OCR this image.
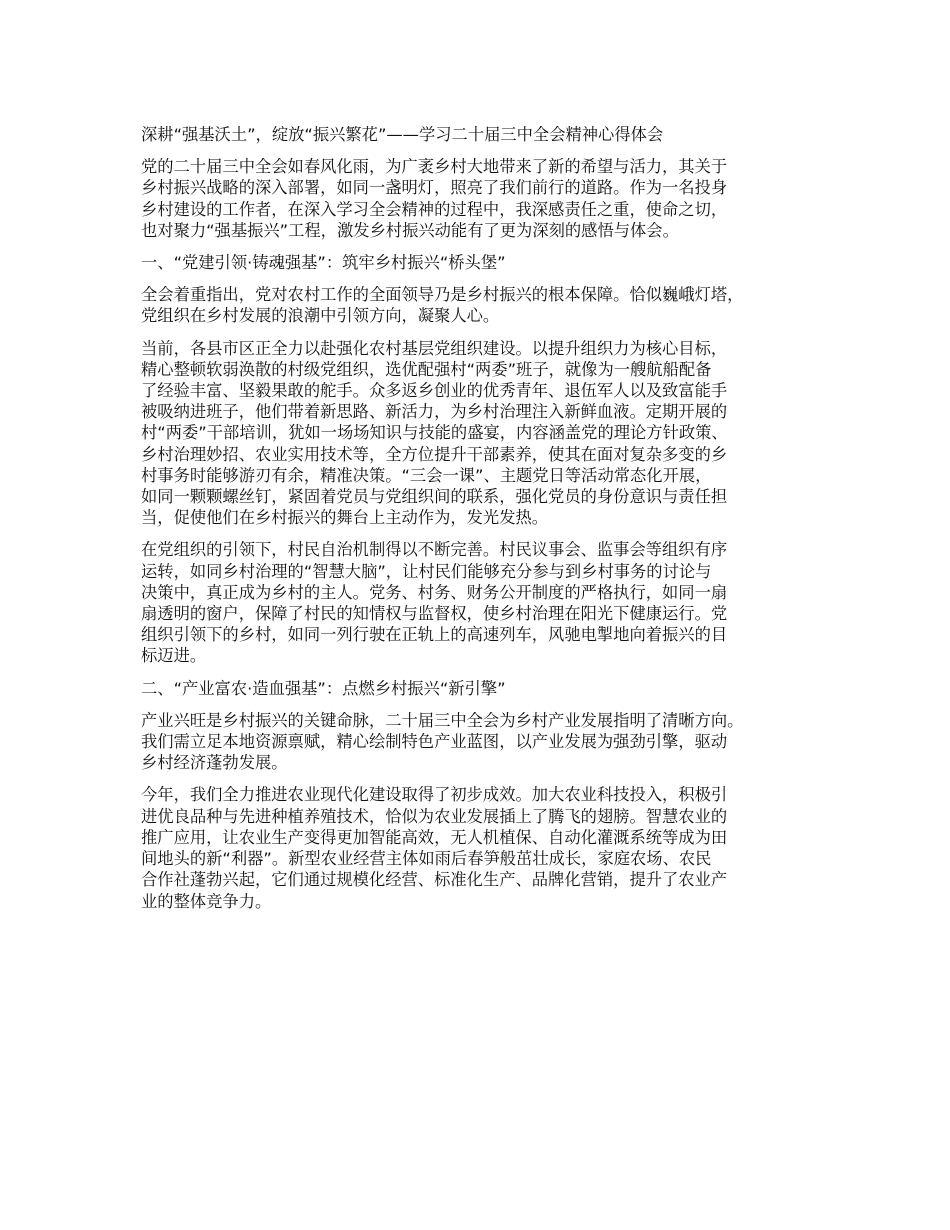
深耕“强基沃土”，绽放“振兴繁花”——学习二十届三中全会精神心得体会
党的二十届三中全会如春风化雨，为广袤乡村大地带来了新的希望与活力，其关于
乡村振兴战略的深入部署，如同一盏明灯，照亮了我们前行的道路。作为一名投身
乡村建设的工作者，在深入学习全会精神的过程中，我深感责任之重，使命之切，
也对聚力“强基振兴”工程，激发乡村振兴动能有了更为深刻的感悟与体会。
一、“党建引领·铸魂强基”：筑牢乡村振兴“桥头堡”
全会着重指出，党对农村工作的全面领导乃是乡村振兴的根本保障。恰似巍峨灯塔，
党组织在乡村发展的浪潮中引领方向，凝聚人心。
当前，各县市区正全力以赴强化农村基层党组织建设。以提升组织力为核心目标，
精心整顿软弱涣散的村级党组织，选优配强村“两委”班子，就像为一艘航船配备
了经验丰富、坚毅果敢的舵手。众多返乡创业的优秀青年、退伍军人以及致富能手
被吸纳进班子，他们带着新思路、新活力，为乡村治理注入新鲜血液。定期开展的
村“两委”干部培训，犹如一场场知识与技能的盛宴，内容涵盖党的理论方针政策、
乡村治理妙招、农业实用技术等，全方位提升干部素养，使其在面对复杂多变的乡
村事务时能够游刃有余，精准决策。“三会一课”、主题党日等活动常态化开展，
如同一颗颗螺丝钉，紧固着党员与党组织间的联系，强化党员的身份意识与责任担
当，促使他们在乡村振兴的舞台上主动作为，发光发热。
在党组织的引领下，村民自治机制得以不断完善。村民议事会、监事会等组织有序
运转，如同乡村治理的“智慧大脑”，让村民们能够充分参与到乡村事务的讨论与
决策中，真正成为乡村的主人。党务、村务、财务公开制度的严格执行，如同一扇
扇透明的窗户，保障了村民的知情权与监督权，使乡村治理在阳光下健康运行。党
组织引领下的乡村，如同一列行驶在正轨上的高速列车，风驰电掣地向着振兴的目
标迈进。
二、“产业富农·造血强基”：点燃乡村振兴“新引擎”
产业兴旺是乡村振兴的关键命脉，二十届三中全会为乡村产业发展指明了清晰方向。
我们需立足本地资源禀赋，精心绘制特色产业蓝图，以产业发展为强劲引擎，驱动
乡村经济蓬勃发展。
今年，我们全力推进农业现代化建设取得了初步成效。加大农业科技投入，积极引
进优良品种与先进种植养殖技术，恰似为农业发展插上了腾飞的翅膀。智慧农业的
推广应用，让农业生产变得更加智能高效，无人机植保、自动化灌溉系统等成为田
间地头的新“利器”。新型农业经营主体如雨后春笋般茁壮成长，家庭农场、农民
合作社蓬勃兴起，它们通过规模化经营、标准化生产、品牌化营销，提升了农业产
业的整体竞争力。
